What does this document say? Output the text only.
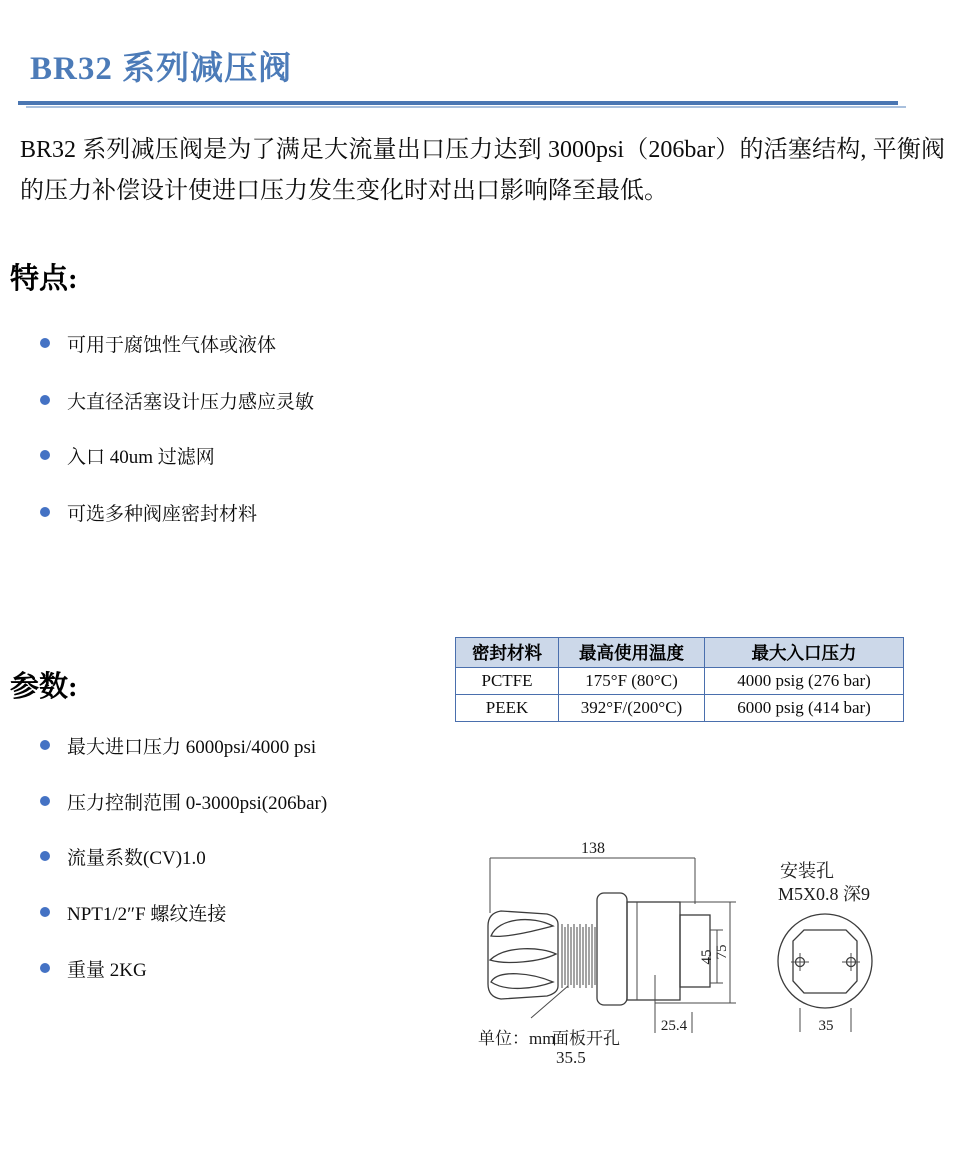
BR32 系列减压阀
BR32 系列减压阀是为了满足大流量出口压力达到 3000psi（206bar）的活塞结构, 平衡阀的压力补偿设计使进口压力发生变化时对出口影响降至最低。
特点:
可用于腐蚀性气体或液体
大直径活塞设计压力感应灵敏
入口 40um 过滤网
可选多种阀座密封材料
密封材料	最高使用温度	最大入口压力
PCTFE	175°F (80°C)	4000 psig (276 bar)
PEEK	392°F/(200°C)	6000 psig (414 bar)
参数:
最大进口压力 6000psi/4000 psi
压力控制范围 0-3000psi(206bar)
流量系数(CV)1.0
NPT1/2″F 螺纹连接
重量 2KG
138
45 75
25.4
单位：mm
面板开孔
35.5
安装孔
M5X0.8 深9
35
